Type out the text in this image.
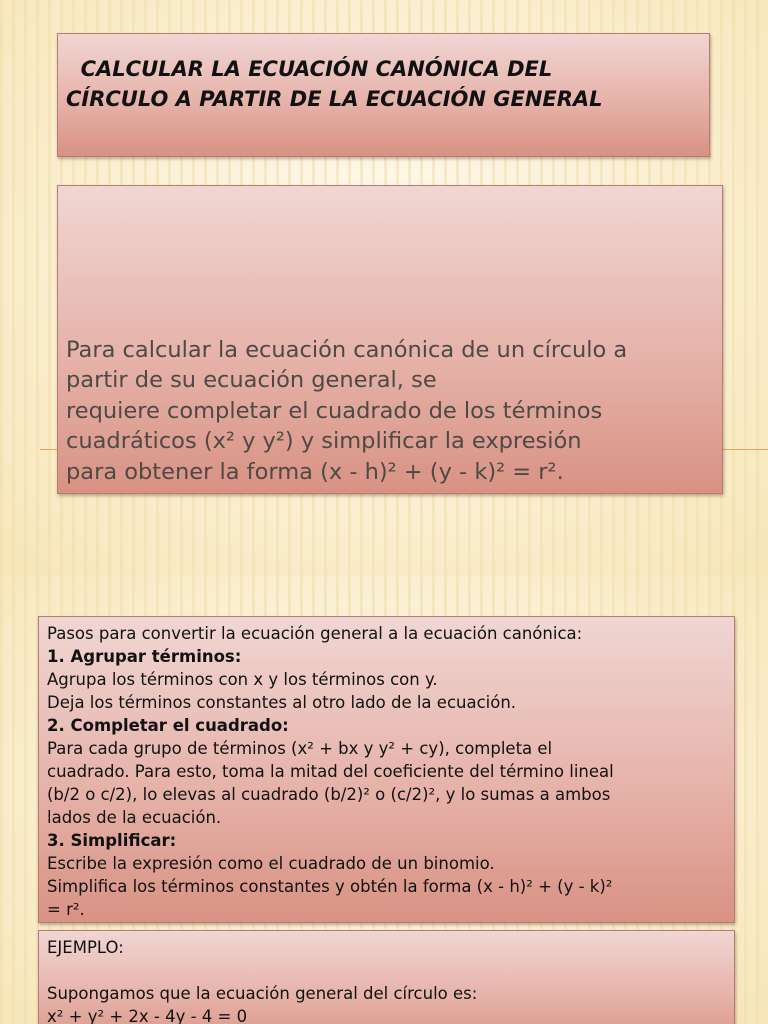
CALCULAR LA ECUACIÓN CANÓNICA DEL
CÍRCULO A PARTIR DE LA ECUACIÓN GENERAL

Para calcular la ecuación canónica de un círculo a
partir de su ecuación general, se
requiere completar el cuadrado de los términos
cuadráticos (x² y y²) y simplificar la expresión
para obtener la forma (x - h)² + (y - k)² = r².

Pasos para convertir la ecuación general a la ecuación canónica:
1. Agrupar términos:
Agrupa los términos con x y los términos con y.
Deja los términos constantes al otro lado de la ecuación.
2. Completar el cuadrado:
Para cada grupo de términos (x² + bx y y² + cy), completa el
cuadrado. Para esto, toma la mitad del coeficiente del término lineal
(b/2 o c/2), lo elevas al cuadrado (b/2)² o (c/2)², y lo sumas a ambos
lados de la ecuación.
3. Simplificar:
Escribe la expresión como el cuadrado de un binomio.
Simplifica los términos constantes y obtén la forma (x - h)² + (y - k)²
= r².
EJEMPLO:

Supongamos que la ecuación general del círculo es:
x² + y² + 2x - 4y - 4 = 0
